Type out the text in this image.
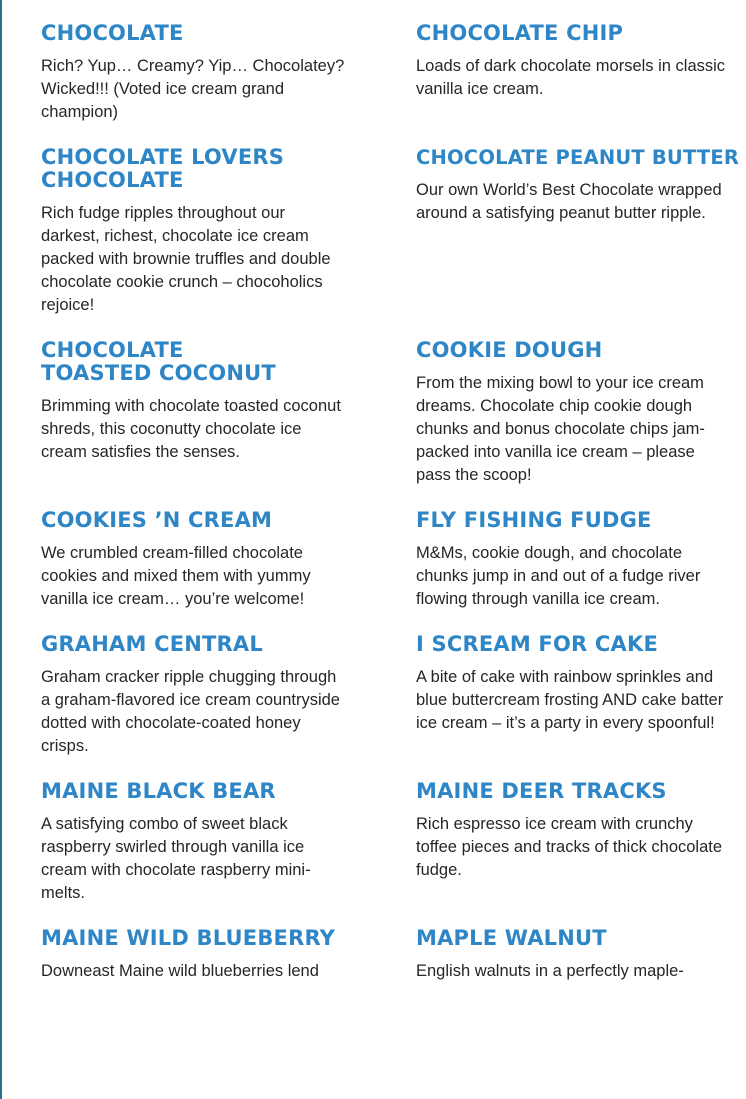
CHOCOLATE

Rich? Yup… Creamy? Yip… Chocolatey? Wicked!!! (Voted ice cream grand champion)

CHOCOLATE CHIP

Loads of dark chocolate morsels in classic vanilla ice cream.

CHOCOLATE LOVERS CHOCOLATE

Rich fudge ripples throughout our darkest, richest, chocolate ice cream packed with brownie truffles and double chocolate cookie crunch – chocoholics rejoice!

CHOCOLATE PEANUT BUTTER

Our own World’s Best Chocolate wrapped around a satisfying peanut butter ripple.

CHOCOLATE TOASTED COCONUT

Brimming with chocolate toasted coconut shreds, this coconutty chocolate ice cream satisfies the senses.

COOKIE DOUGH

From the mixing bowl to your ice cream dreams. Chocolate chip cookie dough chunks and bonus chocolate chips jam-packed into vanilla ice cream – please pass the scoop!

COOKIES ’N CREAM

We crumbled cream-filled chocolate cookies and mixed them with yummy vanilla ice cream… you’re welcome!

FLY FISHING FUDGE

M&Ms, cookie dough, and chocolate chunks jump in and out of a fudge river flowing through vanilla ice cream.

GRAHAM CENTRAL

Graham cracker ripple chugging through a graham-flavored ice cream countryside dotted with chocolate-coated honey crisps.

I SCREAM FOR CAKE

A bite of cake with rainbow sprinkles and blue buttercream frosting AND cake batter ice cream – it’s a party in every spoonful!

MAINE BLACK BEAR

A satisfying combo of sweet black raspberry swirled through vanilla ice cream with chocolate raspberry mini-melts.

MAINE DEER TRACKS

Rich espresso ice cream with crunchy toffee pieces and tracks of thick chocolate fudge.

MAINE WILD BLUEBERRY

Downeast Maine wild blueberries lend

MAPLE WALNUT

English walnuts in a perfectly maple-
